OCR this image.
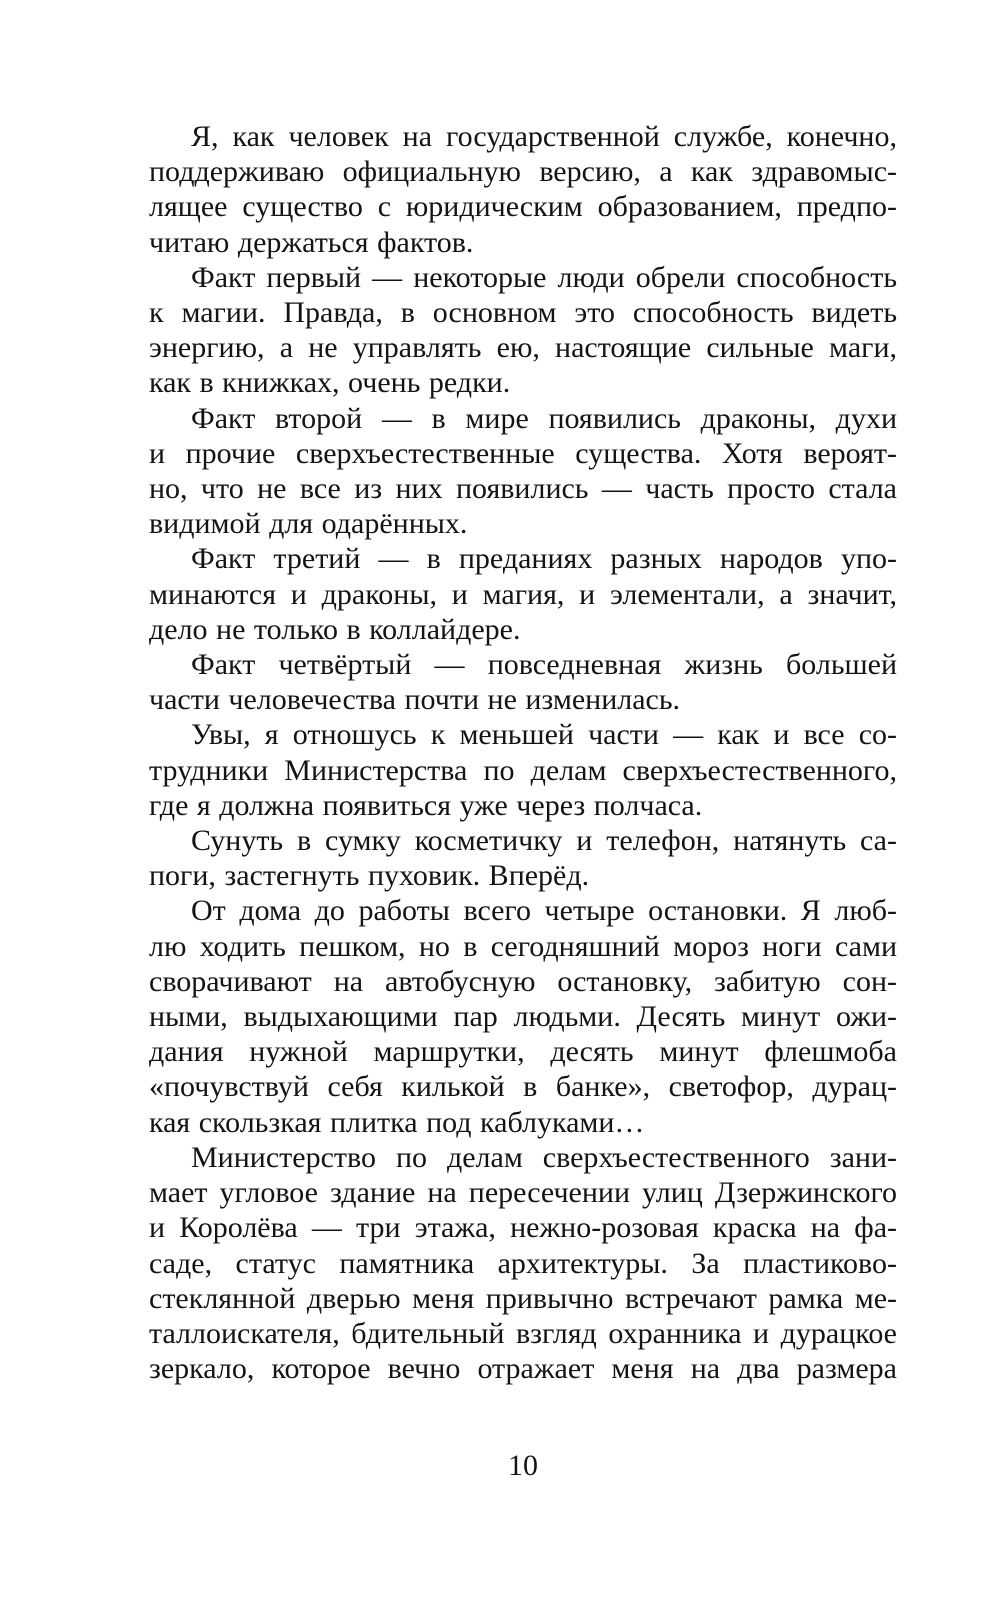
Я, как человек на государственной службе, конечно,
поддерживаю официальную версию, а как здравомыс-
лящее существо с юридическим образованием, предпо-
читаю держаться фактов.
Факт первый — некоторые люди обрели способность
к магии. Правда, в основном это способность видеть
энергию, а не управлять ею, настоящие сильные маги,
как в книжках, очень редки.
Факт второй — в мире появились драконы, духи
и прочие сверхъестественные существа. Хотя вероят-
но, что не все из них появились — часть просто стала
видимой для одарённых.
Факт третий — в преданиях разных народов упо-
минаются и драконы, и магия, и элементали, а значит,
дело не только в коллайдере.
Факт четвёртый — повседневная жизнь большей
части человечества почти не изменилась.
Увы, я отношусь к меньшей части — как и все со-
трудники Министерства по делам сверхъестественного,
где я должна появиться уже через полчаса.
Сунуть в сумку косметичку и телефон, натянуть са-
поги, застегнуть пуховик. Вперёд.
От дома до работы всего четыре остановки. Я люб-
лю ходить пешком, но в сегодняшний мороз ноги сами
сворачивают на автобусную остановку, забитую сон-
ными, выдыхающими пар людьми. Десять минут ожи-
дания нужной маршрутки, десять минут флешмоба
«почувствуй себя килькой в банке», светофор, дурац-
кая скользкая плитка под каблуками…
Министерство по делам сверхъестественного зани-
мает угловое здание на пересечении улиц Дзержинского
и Королёва — три этажа, нежно-розовая краска на фа-
саде, статус памятника архитектуры. За пластиково-
стеклянной дверью меня привычно встречают рамка ме-
таллоискателя, бдительный взгляд охранника и дурацкое
зеркало, которое вечно отражает меня на два размера
10
